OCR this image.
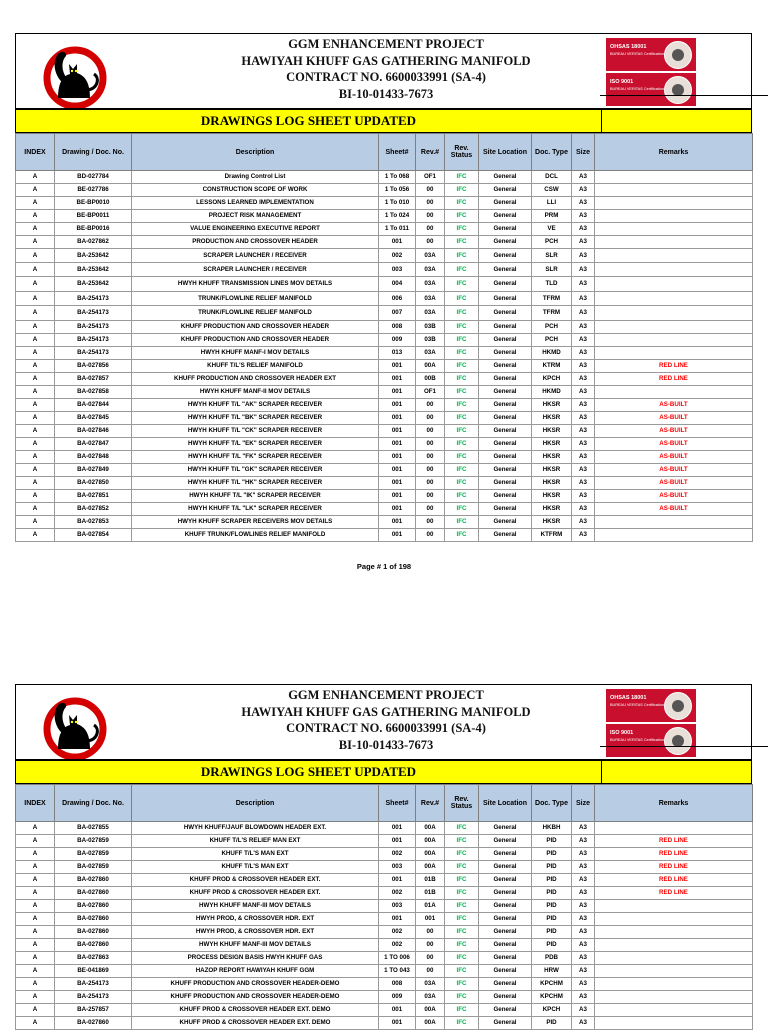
GGM ENHANCEMENT PROJECT
HAWIYAH KHUFF GAS GATHERING MANIFOLD
CONTRACT NO. 6600033991 (SA-4)
BI-10-01433-7673
OHSAS 18001
BUREAU VERITAS Certification
ISO 9001
BUREAU VERITAS Certification
DRAWINGS LOG SHEET UPDATED
INDEX	Drawing / Doc. No.	Description	Sheet#	Rev.#	Rev. Status	Site Location	Doc. Type	Size	Remarks
A	BD-027784	Drawing Control List	1 To 068	OF1	IFC	General	DCL	A3	
A	BE-027786	CONSTRUCTION SCOPE OF WORK	1 To 056	00	IFC	General	CSW	A3	
A	BE-BP0010	LESSONS LEARNED IMPLEMENTATION	1 To 010	00	IFC	General	LLI	A3	
A	BE-BP0011	PROJECT RISK MANAGEMENT	1 To 024	00	IFC	General	PRM	A3	
A	BE-BP0016	VALUE ENGINEERING EXECUTIVE REPORT	1 To 011	00	IFC	General	VE	A3	
A	BA-027862	PRODUCTION AND CROSSOVER HEADER	001	00	IFC	General	PCH	A3	
A	BA-253642	SCRAPER LAUNCHER / RECEIVER	002	03A	IFC	General	SLR	A3	
A	BA-253642	SCRAPER LAUNCHER / RECEIVER	003	03A	IFC	General	SLR	A3	
A	BA-253642	HWYH KHUFF TRANSMISSION LINES MOV DETAILS	004	03A	IFC	General	TLD	A3	
A	BA-254173	TRUNK/FLOWLINE RELIEF MANIFOLD	006	03A	IFC	General	TFRM	A3	
A	BA-254173	TRUNK/FLOWLINE RELIEF MANIFOLD	007	03A	IFC	General	TFRM	A3	
A	BA-254173	KHUFF PRODUCTION AND CROSSOVER HEADER	008	03B	IFC	General	PCH	A3	
A	BA-254173	KHUFF PRODUCTION AND CROSSOVER HEADER	009	03B	IFC	General	PCH	A3	
A	BA-254173	HWYH KHUFF MANF-I MOV DETAILS	013	03A	IFC	General	HKMD	A3	
A	BA-027856	KHUFF T/L'S RELIEF MANIFOLD	001	00A	IFC	General	KTRM	A3	RED LINE
A	BA-027857	KHUFF PRODUCTION AND CROSSOVER HEADER EXT	001	00B	IFC	General	KPCH	A3	RED LINE
A	BA-027858	HWYH KHUFF MANF-II MOV DETAILS	001	OF1	IFC	General	HKMD	A3	
A	BA-027844	HWYH KHUFF T/L "AK" SCRAPER RECEIVER	001	00	IFC	General	HKSR	A3	AS-BUILT
A	BA-027845	HWYH KHUFF T/L "BK" SCRAPER RECEIVER	001	00	IFC	General	HKSR	A3	AS-BUILT
A	BA-027846	HWYH KHUFF T/L "CK" SCRAPER RECEIVER	001	00	IFC	General	HKSR	A3	AS-BUILT
A	BA-027847	HWYH KHUFF T/L "EK" SCRAPER RECEIVER	001	00	IFC	General	HKSR	A3	AS-BUILT
A	BA-027848	HWYH KHUFF T/L "FK" SCRAPER RECEIVER	001	00	IFC	General	HKSR	A3	AS-BUILT
A	BA-027849	HWYH KHUFF T/L "GK" SCRAPER RECEIVER	001	00	IFC	General	HKSR	A3	AS-BUILT
A	BA-027850	HWYH KHUFF T/L "HK" SCRAPER RECEIVER	001	00	IFC	General	HKSR	A3	AS-BUILT
A	BA-027851	HWYH KHUFF T/L "IK" SCRAPER RECEIVER	001	00	IFC	General	HKSR	A3	AS-BUILT
A	BA-027852	HWYH KHUFF T/L "LK" SCRAPER RECEIVER	001	00	IFC	General	HKSR	A3	AS-BUILT
A	BA-027853	HWYH KHUFF SCRAPER RECEIVERS MOV DETAILS	001	00	IFC	General	HKSR	A3	
A	BA-027854	KHUFF TRUNK/FLOWLINES RELIEF MANIFOLD	001	00	IFC	General	KTFRM	A3	
GGM ENHANCEMENT PROJECT
HAWIYAH KHUFF GAS GATHERING MANIFOLD
CONTRACT NO. 6600033991 (SA-4)
BI-10-01433-7673
OHSAS 18001
BUREAU VERITAS Certification
ISO 9001
BUREAU VERITAS Certification
DRAWINGS LOG SHEET UPDATED
INDEX	Drawing / Doc. No.	Description	Sheet#	Rev.#	Rev. Status	Site Location	Doc. Type	Size	Remarks
A	BA-027855	HWYH KHUFF/JAUF BLOWDOWN HEADER EXT.	001	00A	IFC	General	HKBH	A3	
A	BA-027859	KHUFF T/L'S RELIEF MAN EXT	001	00A	IFC	General	PID	A3	RED LINE
A	BA-027859	KHUFF T/L'S MAN EXT	002	00A	IFC	General	PID	A3	RED LINE
A	BA-027859	KHUFF T/L'S MAN EXT	003	00A	IFC	General	PID	A3	RED LINE
A	BA-027860	KHUFF PROD & CROSSOVER HEADER EXT.	001	01B	IFC	General	PID	A3	RED LINE
A	BA-027860	KHUFF PROD & CROSSOVER HEADER EXT.	002	01B	IFC	General	PID	A3	RED LINE
A	BA-027860	HWYH KHUFF MANF-III MOV DETAILS	003	01A	IFC	General	PID	A3	
A	BA-027860	HWYH PROD, & CROSSOVER HDR. EXT	001	001	IFC	General	PID	A3	
A	BA-027860	HWYH PROD, & CROSSOVER HDR. EXT	002	00	IFC	General	PID	A3	
A	BA-027860	HWYH KHUFF MANF-III MOV DETAILS	002	00	IFC	General	PID	A3	
A	BA-027863	PROCESS DESIGN BASIS HWYH KHUFF GAS	1 TO 006	00	IFC	General	PDB	A3	
A	BE-041869	HAZOP REPORT HAWIYAH KHUFF GGM	1 TO 043	00	IFC	General	HRW	A3	
A	BA-254173	KHUFF PRODUCTION AND CROSSOVER HEADER-DEMO	008	03A	IFC	General	KPCHM	A3	
A	BA-254173	KHUFF PRODUCTION AND CROSSOVER HEADER-DEMO	009	03A	IFC	General	KPCHM	A3	
A	BA-257857	KHUFF PROD & CROSSOVER HEADER EXT. DEMO	001	00A	IFC	General	KPCH	A3	
A	BA-027860	KHUFF PROD & CROSSOVER HEADER EXT. DEMO	001	00A	IFC	General	PID	A3	
Page # 1 of 198
